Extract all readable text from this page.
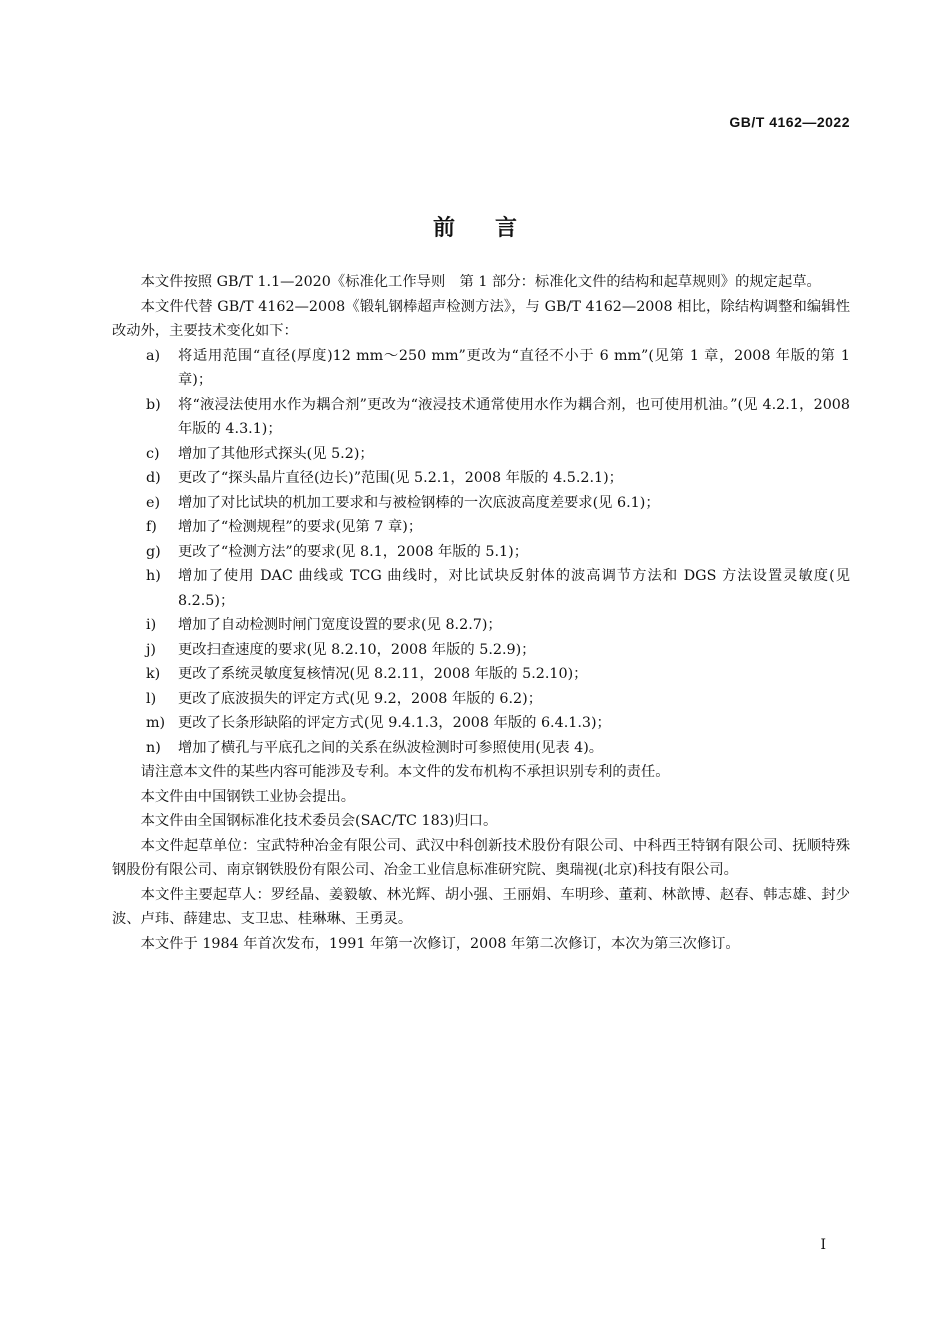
GB/T 4162—2022
前言

本文件按照 GB/T 1.1—2020《标准化工作导则　第 1 部分：标准化文件的结构和起草规则》的规定起草。

本文件代替 GB/T 4162—2008《锻轧钢棒超声检测方法》，与 GB/T 4162—2008 相比，除结构调整和编辑性改动外，主要技术变化如下：

a) 将适用范围“直径(厚度)12 mm～250 mm”更改为“直径不小于 6 mm”(见第 1 章，2008 年版的第 1 章)；
b) 将“液浸法使用水作为耦合剂”更改为“液浸技术通常使用水作为耦合剂，也可使用机油。”(见 4.2.1，2008 年版的 4.3.1)；
c) 增加了其他形式探头(见 5.2)；
d) 更改了“探头晶片直径(边长)”范围(见 5.2.1，2008 年版的 4.5.2.1)；
e) 增加了对比试块的机加工要求和与被检钢棒的一次底波高度差要求(见 6.1)；
f) 增加了“检测规程”的要求(见第 7 章)；
g) 更改了“检测方法”的要求(见 8.1，2008 年版的 5.1)；
h) 增加了使用 DAC 曲线或 TCG 曲线时，对比试块反射体的波高调节方法和 DGS 方法设置灵敏度(见 8.2.5)；
i) 增加了自动检测时闸门宽度设置的要求(见 8.2.7)；
j) 更改扫查速度的要求(见 8.2.10，2008 年版的 5.2.9)；
k) 更改了系统灵敏度复核情况(见 8.2.11，2008 年版的 5.2.10)；
l) 更改了底波损失的评定方式(见 9.2，2008 年版的 6.2)；
m) 更改了长条形缺陷的评定方式(见 9.4.1.3，2008 年版的 6.4.1.3)；
n) 增加了横孔与平底孔之间的关系在纵波检测时可参照使用(见表 4)。

请注意本文件的某些内容可能涉及专利。本文件的发布机构不承担识别专利的责任。

本文件由中国钢铁工业协会提出。

本文件由全国钢标准化技术委员会(SAC/TC 183)归口。

本文件起草单位：宝武特种冶金有限公司、武汉中科创新技术股份有限公司、中科西王特钢有限公司、抚顺特殊钢股份有限公司、南京钢铁股份有限公司、冶金工业信息标准研究院、奥瑞视(北京)科技有限公司。

本文件主要起草人：罗经晶、姜毅敏、林光辉、胡小强、王丽娟、车明珍、董莉、林歆博、赵春、韩志雄、封少波、卢玮、薛建忠、支卫忠、桂琳琳、王勇灵。

本文件于 1984 年首次发布，1991 年第一次修订，2008 年第二次修订，本次为第三次修订。

I
